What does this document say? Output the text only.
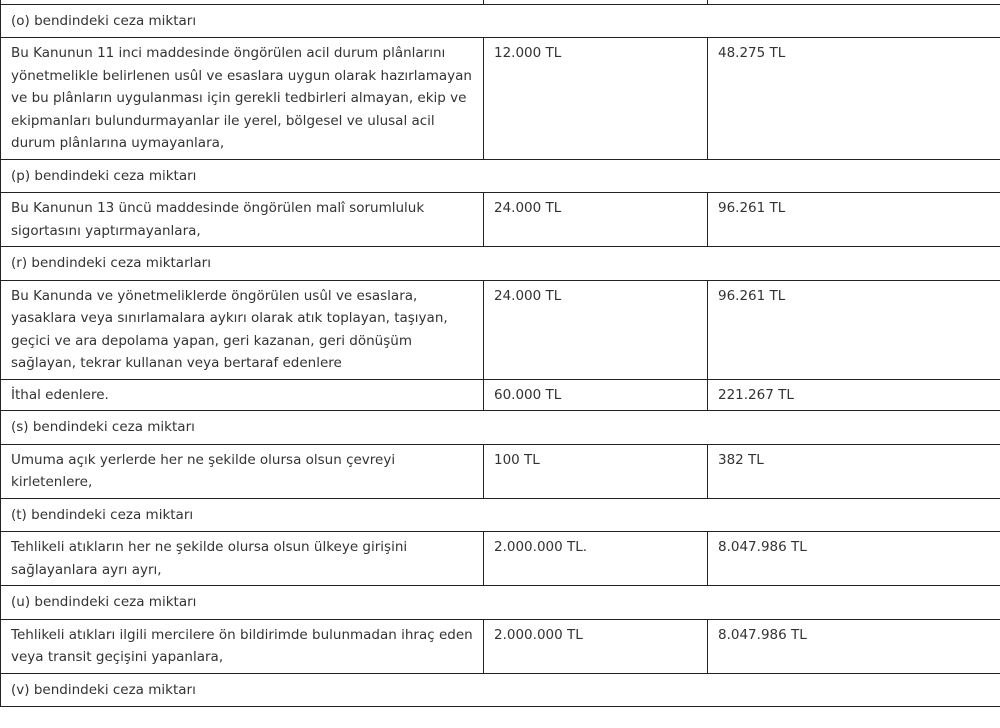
(o) bendindeki ceza miktarı		
Bu Kanunun 11 inci maddesinde öngörülen acil durum plânlarını yönetmelikle belirlenen usûl ve esaslara uygun olarak hazırlamayan ve bu plânların uygulanması için gerekli tedbirleri almayan, ekip ve ekipmanları bulundurmayanlar ile yerel, bölgesel ve ulusal acil durum plânlarına uymayanlara,	12.000 TL	48.275 TL
(p) bendindeki ceza miktarı		
Bu Kanunun 13 üncü maddesinde öngörülen malî sorumluluk sigortasını yaptırmayanlara,	24.000 TL	96.261 TL
(r) bendindeki ceza miktarları		
Bu Kanunda ve yönetmeliklerde öngörülen usûl ve esaslara, yasaklara veya sınırlamalara aykırı olarak atık toplayan, taşıyan, geçici ve ara depolama yapan, geri kazanan, geri dönüşüm sağlayan, tekrar kullanan veya bertaraf edenlere	24.000 TL	96.261 TL
İthal edenlere.	60.000 TL	221.267 TL
(s) bendindeki ceza miktarı		
Umuma açık yerlerde her ne şekilde olursa olsun çevreyi kirletenlere,	100 TL	382 TL
(t) bendindeki ceza miktarı		
Tehlikeli atıkların her ne şekilde olursa olsun ülkeye girişini sağlayanlara ayrı ayrı,	2.000.000 TL.	8.047.986 TL
(u) bendindeki ceza miktarı		
Tehlikeli atıkları ilgili mercilere ön bildirimde bulunmadan ihraç eden veya transit geçişini yapanlara,	2.000.000 TL	8.047.986 TL
(v) bendindeki ceza miktarı		
